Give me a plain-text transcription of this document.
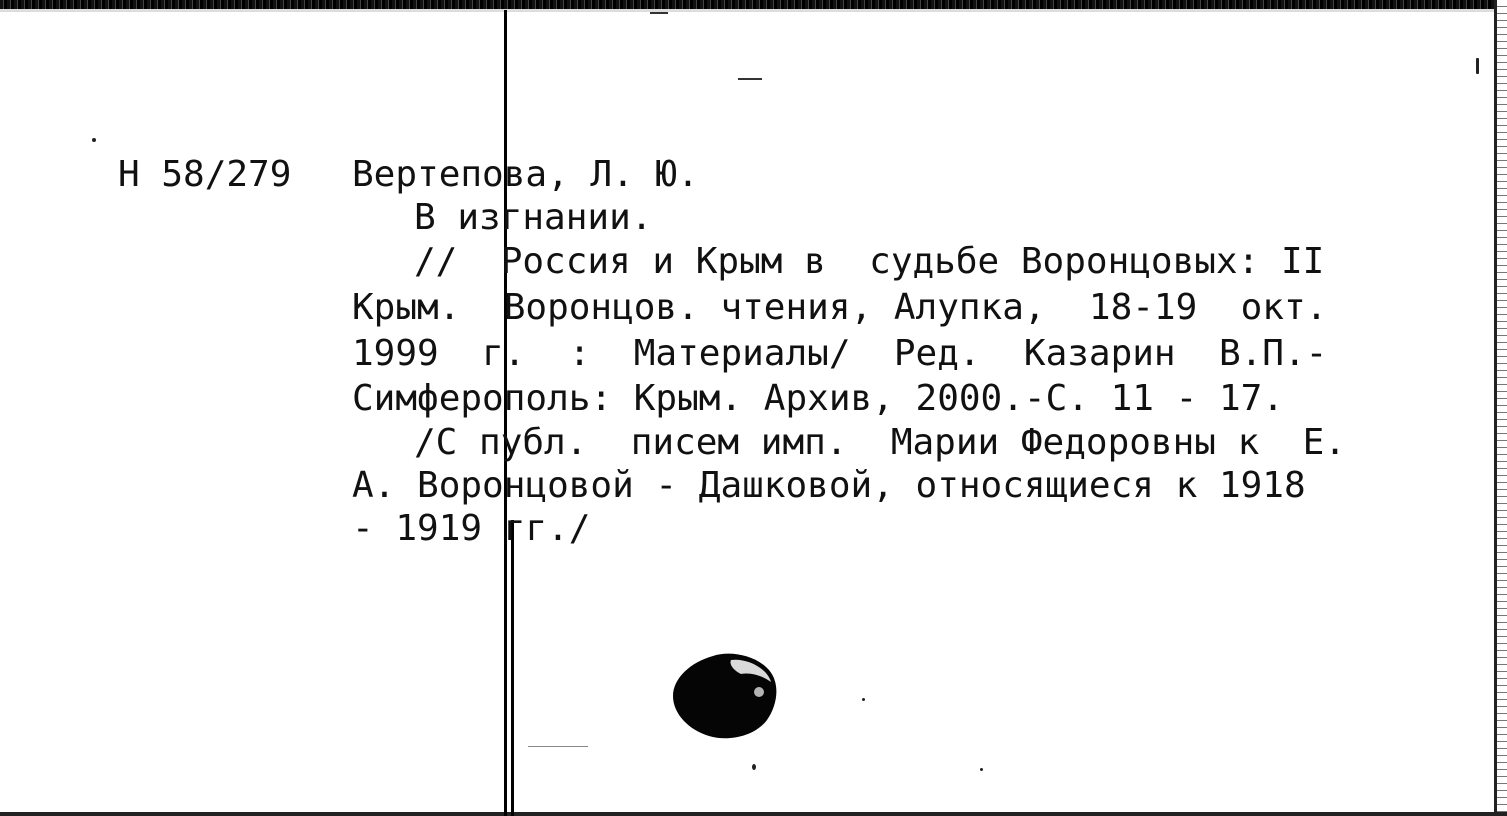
Н 58/279 Вертепова, Л. Ю.
В изгнании.
//  Россия и Крым в  судьбе Воронцовых: II
Крым.  Воронцов. чтения, Алупка,  18-19  окт.
1999  г.  :  Материалы/  Ред.  Казарин  В.П.-
Симферополь: Крым. Архив, 2000.-С. 11 - 17.
/С публ.  писем имп.  Марии Федоровны к  Е.
А. Воронцовой - Дашковой, относящиеся к 1918
- 1919 гг./
